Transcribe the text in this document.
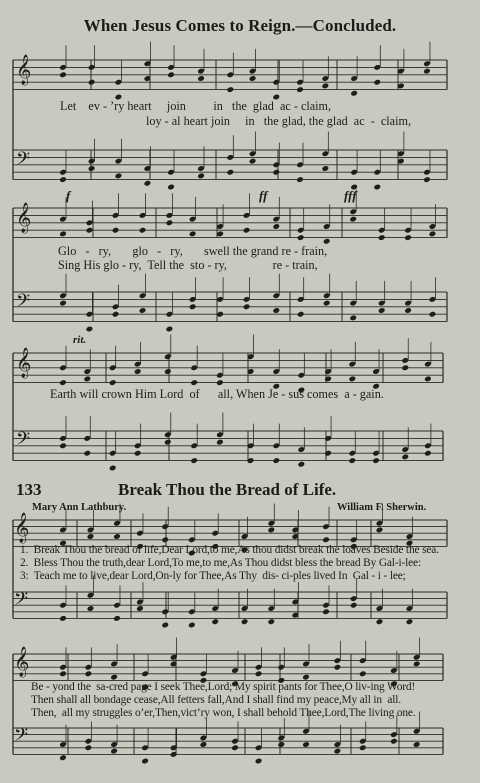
𝄞
𝄞
𝄞
𝄞
𝄞
𝄢
𝄢
𝄢
𝄢
𝄢
When Jesus Comes to Reign.—Concluded.
Let    ev - ’ry heart     join         in   the  glad  ac - claim,
loy - al heart join     in   the glad, the glad  ac  -  claim,
f	ff	fff
Glo   -   ry,       glo   -   ry,       swell the grand re - frain,
Sing His glo - ry,  Tell the  sto - ry,               re - train,
rit.
Earth will crown Him Lord  of      all, When Je - sus comes  a - gain.
133	Break Thou the Bread of Life.
Mary Ann Lathbury.	William F. Sherwin.
1.  Break Thou the bread of life,Dear Lord,to me,As thou didst break the loaves Beside the sea.
2.  Bless Thou the truth,dear Lord,To me,to me,As Thou didst bless the bread By Gal-i-lee:
3:  Teach me to live,dear Lord,On-ly for Thee,As Thy  dis- ci-ples lived In  Gal - i - lee;
Be - yond the  sa-cred page I seek Thee,Lord; My spirit pants for Thee,O liv-ing Word!
Then shall all bondage cease,All fetters fall,And I shall find my peace,My all in  all.
Then,  all my struggles o’er,Then,vict’ry won, I shall behold Thee,Lord,The living one.
